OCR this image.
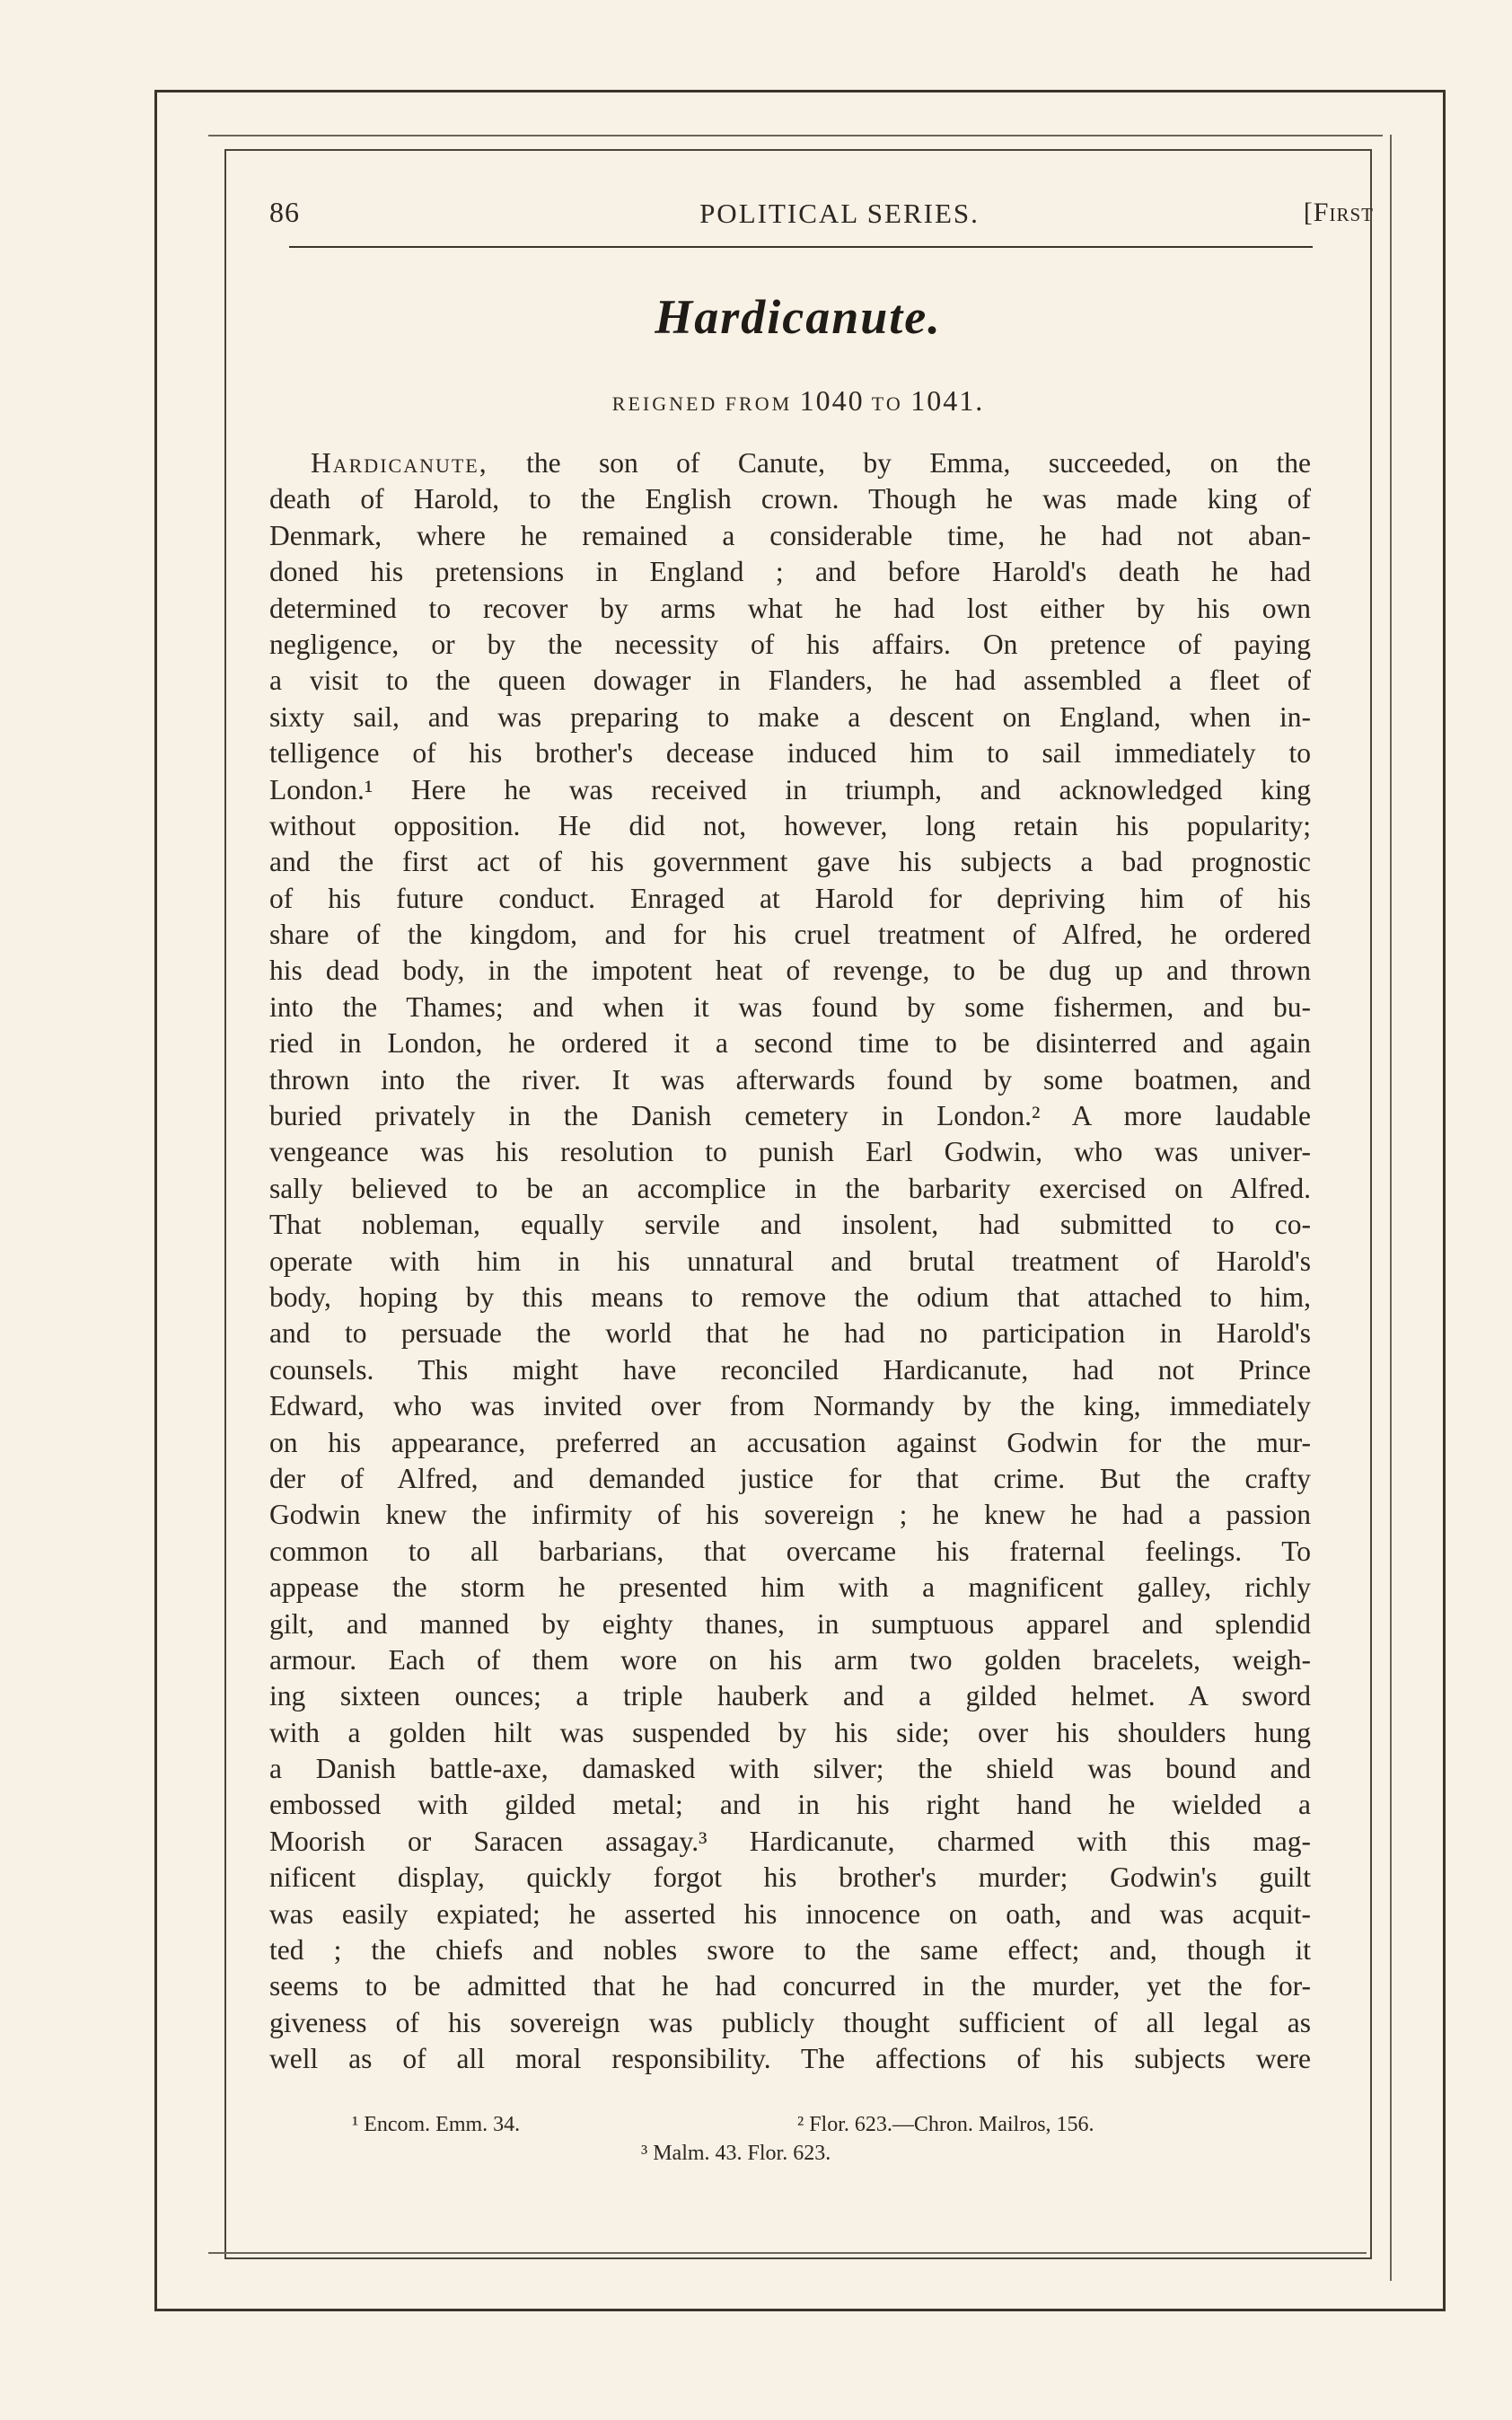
86	POLITICAL SERIES.	[First
Hardicanute.
REIGNED FROM 1040 TO 1041.
Hardicanute, the son of Canute, by Emma, succeeded, on the
death of Harold, to the English crown. Though he was made king of
Denmark, where he remained a considerable time, he had not aban-
doned his pretensions in England ; and before Harold's death he had
determined to recover by arms what he had lost either by his own
negligence, or by the necessity of his affairs. On pretence of paying
a visit to the queen dowager in Flanders, he had assembled a fleet of
sixty sail, and was preparing to make a descent on England, when in-
telligence of his brother's decease induced him to sail immediately to
London.¹ Here he was received in triumph, and acknowledged king
without opposition. He did not, however, long retain his popularity;
and the first act of his government gave his subjects a bad prognostic
of his future conduct. Enraged at Harold for depriving him of his
share of the kingdom, and for his cruel treatment of Alfred, he ordered
his dead body, in the impotent heat of revenge, to be dug up and thrown
into the Thames; and when it was found by some fishermen, and bu-
ried in London, he ordered it a second time to be disinterred and again
thrown into the river. It was afterwards found by some boatmen, and
buried privately in the Danish cemetery in London.² A more laudable
vengeance was his resolution to punish Earl Godwin, who was univer-
sally believed to be an accomplice in the barbarity exercised on Alfred.
That nobleman, equally servile and insolent, had submitted to co-
operate with him in his unnatural and brutal treatment of Harold's
body, hoping by this means to remove the odium that attached to him,
and to persuade the world that he had no participation in Harold's
counsels. This might have reconciled Hardicanute, had not Prince
Edward, who was invited over from Normandy by the king, immediately
on his appearance, preferred an accusation against Godwin for the mur-
der of Alfred, and demanded justice for that crime. But the crafty
Godwin knew the infirmity of his sovereign ; he knew he had a passion
common to all barbarians, that overcame his fraternal feelings. To
appease the storm he presented him with a magnificent galley, richly
gilt, and manned by eighty thanes, in sumptuous apparel and splendid
armour. Each of them wore on his arm two golden bracelets, weigh-
ing sixteen ounces; a triple hauberk and a gilded helmet. A sword
with a golden hilt was suspended by his side; over his shoulders hung
a Danish battle-axe, damasked with silver; the shield was bound and
embossed with gilded metal; and in his right hand he wielded a
Moorish or Saracen assagay.³ Hardicanute, charmed with this mag-
nificent display, quickly forgot his brother's murder; Godwin's guilt
was easily expiated; he asserted his innocence on oath, and was acquit-
ted ; the chiefs and nobles swore to the same effect; and, though it
seems to be admitted that he had concurred in the murder, yet the for-
giveness of his sovereign was publicly thought sufficient of all legal as
well as of all moral responsibility. The affections of his subjects were
¹ Encom. Emm. 34.	² Flor. 623.—Chron. Mailros, 156.
³ Malm. 43. Flor. 623.
